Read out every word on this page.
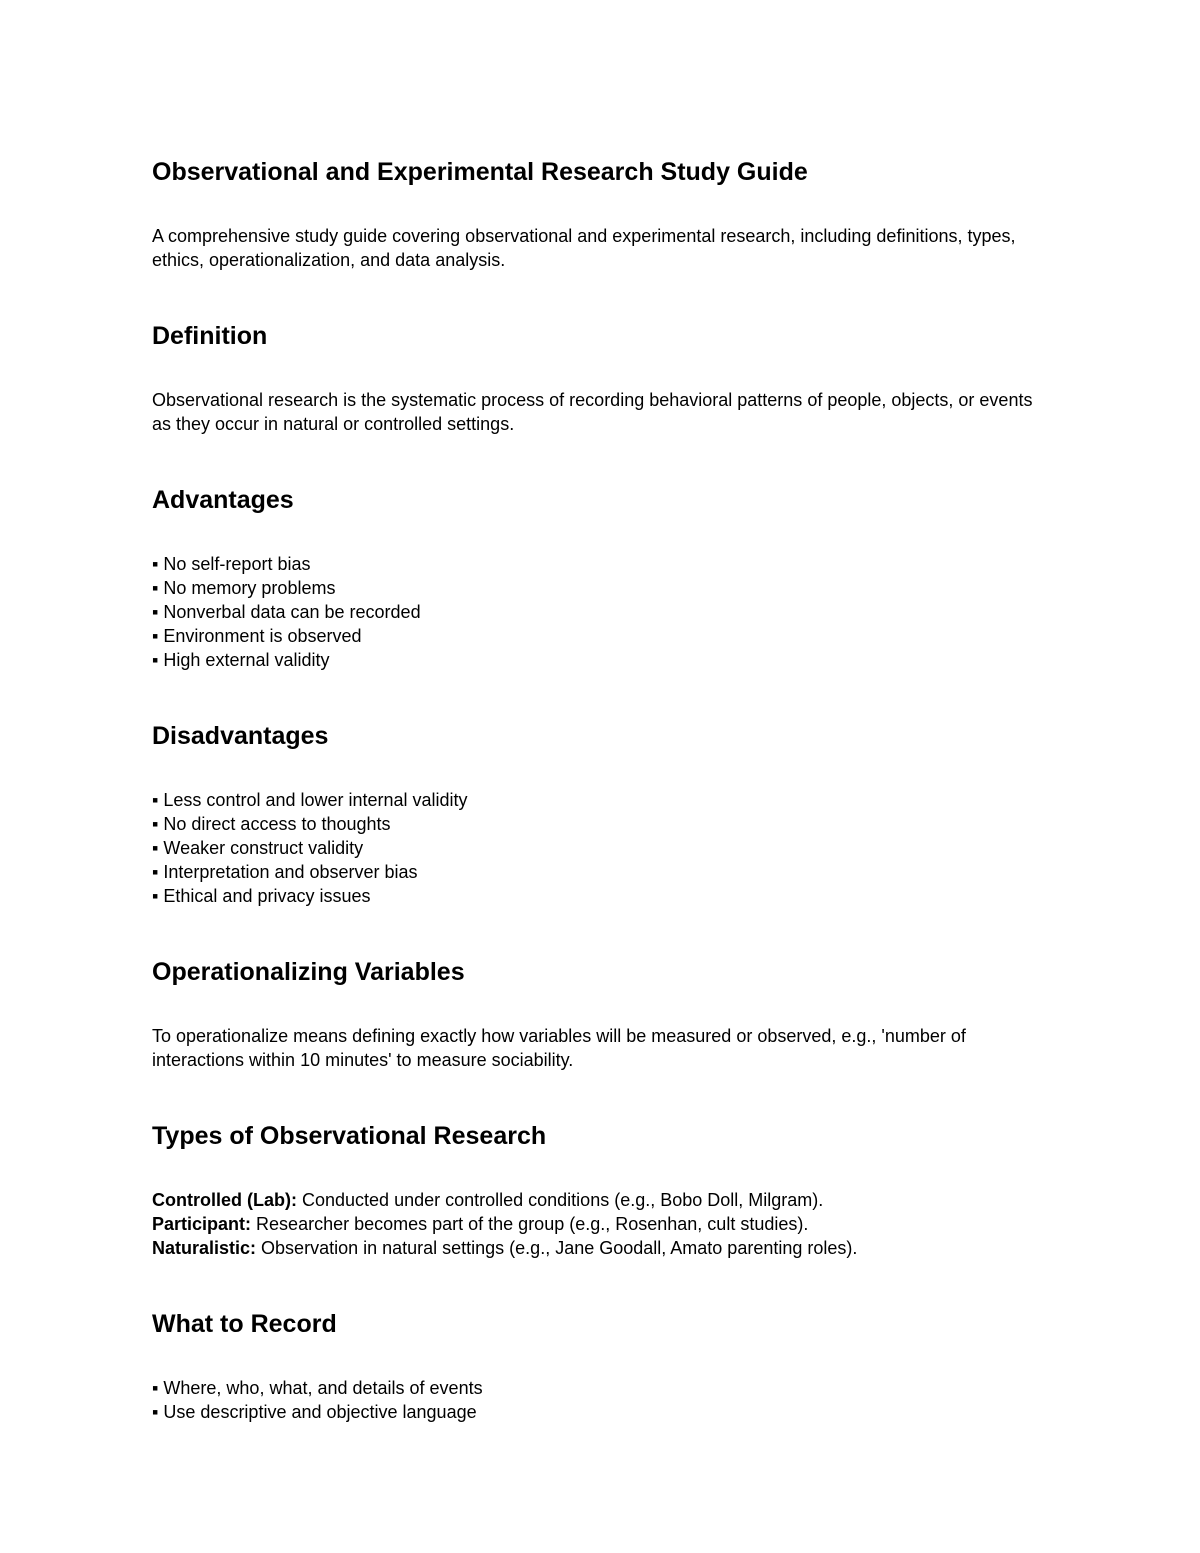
Observational and Experimental Research Study Guide

A comprehensive study guide covering observational and experimental research, including definitions, types, ethics, operationalization, and data analysis.

Definition

Observational research is the systematic process of recording behavioral patterns of people, objects, or events as they occur in natural or controlled settings.

Advantages
▪ No self-report bias
▪ No memory problems
▪ Nonverbal data can be recorded
▪ Environment is observed
▪ High external validity
Disadvantages
▪ Less control and lower internal validity
▪ No direct access to thoughts
▪ Weaker construct validity
▪ Interpretation and observer bias
▪ Ethical and privacy issues
Operationalizing Variables

To operationalize means defining exactly how variables will be measured or observed, e.g., 'number of interactions within 10 minutes' to measure sociability.

Types of Observational Research
Controlled (Lab): Conducted under controlled conditions (e.g., Bobo Doll, Milgram).
Participant: Researcher becomes part of the group (e.g., Rosenhan, cult studies).
Naturalistic: Observation in natural settings (e.g., Jane Goodall, Amato parenting roles).
What to Record
▪ Where, who, what, and details of events
▪ Use descriptive and objective language
